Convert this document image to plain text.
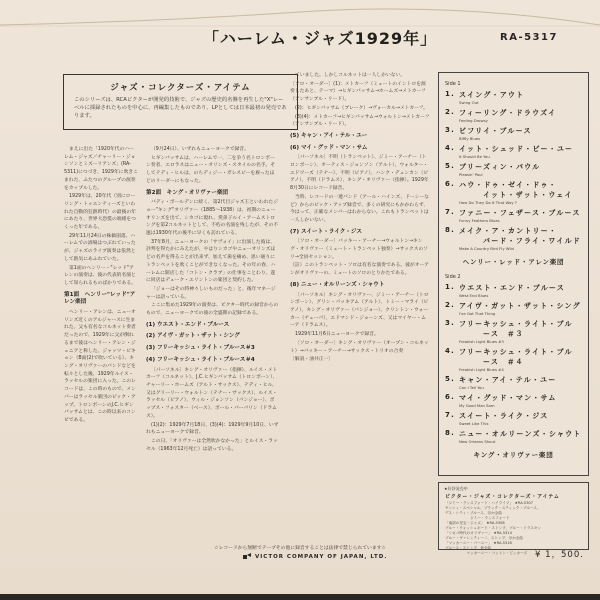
「ハーレム・ジャズ1929年」	RA-5317
ジャズ・コレクターズ・アイテム
このシリーズは、RCAビクターが開発的技術で、ジャズの歴史的名盤を再生した"X"レーベルに採録されたものを中心に、再編集したものであり、LPとしては日本最初の発売であります。

まえに出た「1920年代のハーレム・ジャズ／チャーリー・ジョンソンとミズーリアンズ」(RA-5311)につづき、1929年に吹きこまれた、ふたつのグループの演奏をカップルした。

1929年は、20年代（別にローリング・トゥエンティーズといわれた自動的狂熱時代）の最後の年にあたり、世界大恐慌の端緒をつくった年である。

29年11月24日の株価崩落、ハーレムでの酒場はつぶれていったが、ジャズのライブ演奏は依然として熱気にあふれていた。

第1面のヘンリー・"レッド"アレンの演奏は、彼の代表的名演として知られるものばかりである。

第1面　ヘンリー"レッド"アレン楽団

ヘンリー・アレンは、ニューオリンズ近くのアルジャースに生まれた。父も有名なコルネット奏者だったので、1929年に父が倒れるまで彼はヘンリー・アレン・ジュニアと称した。ジャッツ・ピキョン（B面(2)で吹いている）、キング・オリヴァーのバンドなどを転々とした後、1929年ルイス・ラッセルの楽団に入った。このレコードは、この時のもので、メンバーはラッセル楽団のピック・アップ。トロンボーンのJ.C.ヒギンバッサムとは、この時以来のコンビである。

（9月24日）、いずれもニューヨークで録音。

ヒギンバッサムは、ハーレムで一、二を争う名トロンボーン奏者、エロラスはニュー・オリンズ・スタイルの名手。そしてテディ・ヒルは、のちディジー・ガレスピーを雇ったほどのリーダーにもなった。

第2面　キング・オリヴァー楽団

バディ・ボールデンに続く、第2代目ジャズ王といわれたジョー"キング"オリヴァー（1885〜1938）は、初期のニューオリンズを出て、シカゴに現れ、愛弟子ルイ・アームストロングを第2コルネットとして、不朽の名演を残したが、その不運は1930年代の後半に早くも訪れている。

37年8月、ニューヨークの「サヴォイ」に出演した彼は、評判を得たかにみえたが、やはりシカゴやニューオリンズほどの名声を得ることが出来ず、加えて歯を痛め、思い通りにトランペットを吹くことができなくなった。その年の春、ハーレムに開店した「コトン・クラブ」の仕事をことわり、遂に同店はデューク・エリントンの楽団と契約した。

「ジョーはその時神々しいものだった」と、後年マネージャーは語っている。

ここに集めた1929年の演奏は、ビクター時代の録音からのもので、ニューヨークでの彼の全盛期の記録である。

(1) ウエスト・エンド・ブルース

(2) アイヴ・ガット・ザット・シング

(3) フリーキッシュ・ライト・ブルース＃3

(4) フリーキッシュ・ライト・ブルース＃4

〔パーソネル〕キング・オリヴァー（指揮）、ルイス・メトカーフ（コルネット）、J.C.ヒギンバッサム（トロンボーン）、チャーリー・ホームズ（アルト・サックス）、テディ・ヒル、又はグリーリー・ウォルトン（テナー・サックス）、ルイス・ラッセル（ピアノ）、ウィル・ジョンソン（バンジョー）、ポップス・フォスター（ベース）、ポール・バーバリン（ドラムス）。

(1)(2)：1929年7月18日、(3)(4)：1929年9月10日、いずれもニューヨークで録音。

この日、「オリヴァーは全然吹かなかった」とルイス・ラッセル（1963年12月死亡）は語っている。

ていました。しかしコルネットは一人しかいない。

〔ソロ・オーダー〕(1)：メトカーフ（ミュートのイントロを演奏したあと、テーマ）→ヒギンバッサム→ホームズ→メトカーフ（アンサンブル・リード）。

(2)：ヒギンバッサム（ブレーク）→ヴォーカル→メトカーフ。

(3)(4)：メトカーフ→ヒギンバッサム→ウォルトン→メトカーフ（アンサンブル・リード）。

(5) キャン・アイ・テル・ユー

(6) マイ・グッド・マン・サム

〔パーソネル〕不明（トランペット）、ジミー・アーチー（トロンボーン）、オーティス・ジョンソン（アルト）、ウォルター・エドワーズ（テナー）、不明（ピアノ）、ハンク・デュンカン（ピアノ）、不明（ドラムス）、キング・オリヴァー（指揮）。1929年8月30日にレコード録音。

当時、レコードの一連バンド（アール・ハインズ、ドーシーなど）からのピック・アップ録音で、多くの研究にもかかわらず、今はって、正確なメンバーはわからない。これもトランペットは一人しかいない。

(7) スイート・ライク・ジス

〔ソロ・オーダー〕バッキー・アーチー→ウォルトン→キング・オリヴァー（ミュート・トランペット独奏）→サックスのソリ→全員セッション。

（註）このトランペット・ソロは有名な演奏である。彼がオーアンがオリヴァーの、ミュートのソロのとりかたである。

(8) ニュー・オルリーンズ・シャウト

〔パーソネル〕キング・オリヴァー、ジミー・アーチー（トロンボーン）、グリン・バッキアム（アルト）、トミー・マライ（ピアノ）、キング・オリヴァー（バンジョー）、クリントン・ウォーカー（チューバ）、エドマンド・ジョーンズ、又はマイヤー・ムーア（ドラムス）。

1929年11月6日ニューヨークで録音。

〔ソロ・オーダー〕キング・オリヴァー（オープン・コルネット）→バッキー・アーチー→サックス・トリオの合奏

〔解説・油井正一〕

Side 1
1. スイング・アウト
Swing Out
2. フィーリング・ドラウズイ
Feeling Drowsy
3. ビフリイ・ブルース
Biffly Blues
4. イット・シュッド・ビー・ユー
It Should Be You
5. ブリーズィン・パウル
Pleasin' Paul
6. ハウ・ドゥ・ゼイ・ドゥ・
イット・ザット・ウェイ
How Do They Do It That Way ?
7. ファニー・フェザース・ブルース
Funny Feathers Blues
8. メイク・ア・カントリー・
バード・フライ・ワイルド
Make A Country Bird Fly Wild
ヘンリー・レッド・アレン楽団
Side 2
1. ウエスト・エンド・ブルース
West End Blues
2. アイヴ・ガット・ザット・シング
I've Got That Thing
3. フリーキッシュ・ライト・ブル
ース　＃３
Freakish Light Blues #3
4. フリーキッシュ・ライト・ブル
ース　＃４
Freakish Light Blues #4
5. キャン・アイ・テル・ユー
Can I Tell You
6. マイ・グッド・マン・サム
My Good Man Sam
7. スイート・ライク・ジス
Sweet Like This
8. ニュー・オルリーンズ・シャウト
New Orleans Shout
キング・オリヴァー楽団
★好評発売中
ビクター・ジャズ・コレクターズ・アイテム
「ジミー・ランスフォード・ハイライツ」　★RA-5307
ヤンシィ・スペシャル、ブラック・スティック・ブルース、
デス・シティ・ブルース、ほか全曲
　　　　　　　ジミー・ランスフォード
「南部の至宝・ジャズ」　★RA-5308
ブルー・ウォッシュボード・ストンプ、ブルー・ドラスキン
「シカゴ時代のオリヴァー」　★RA-5314
ブルー・ヴァレンティーノ、ストンプ、ほか全曲
「マッカーニー・バーニー」　★RA-5316
ブルース・ストンプ、他全曲
　　　　　　マッカーニー・コットン・ピッカーズ
☆レコードから無断でテープその他に録音することは法律で禁じられています☆
VICTOR COMPANY OF JAPAN, LTD.	¥ 1，500.
